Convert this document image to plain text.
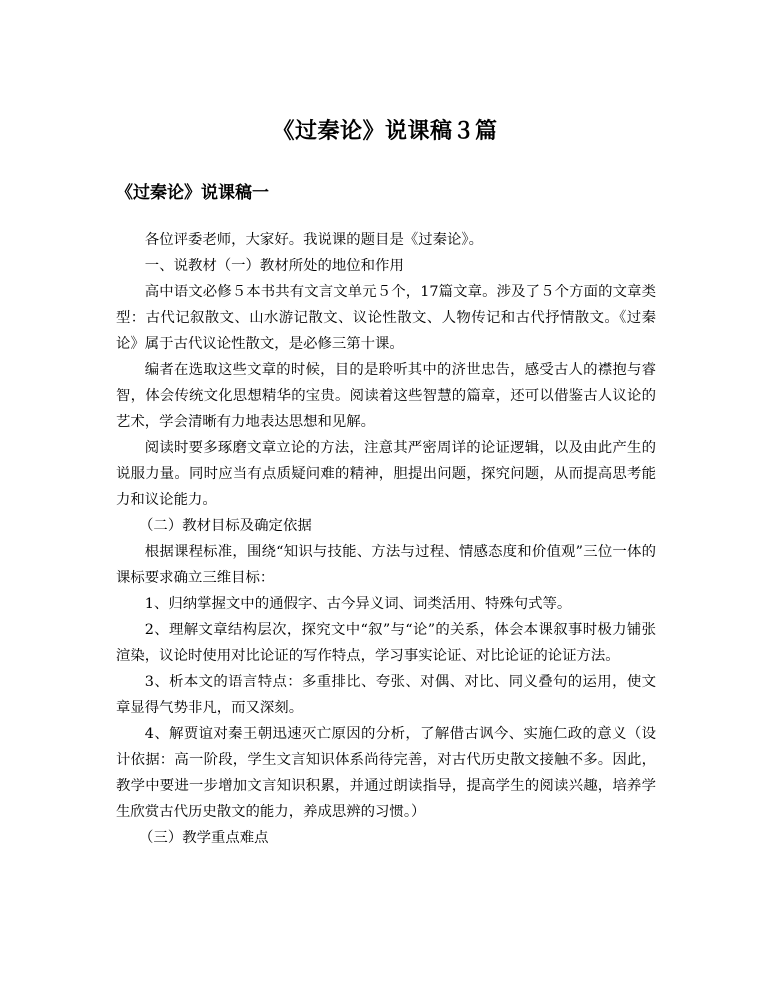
《过秦论》说课稿３篇
《过秦论》说课稿一

各位评委老师，大家好。我说课的题目是《过秦论》。

一、说教材（一）教材所处的地位和作用

高中语文必修５本书共有文言文单元５个，17篇文章。涉及了５个方面的文章类型：古代记叙散文、山水游记散文、议论性散文、人物传记和古代抒情散文。《过秦论》属于古代议论性散文，是必修三第十课。

编者在选取这些文章的时候，目的是聆听其中的济世忠告，感受古人的襟抱与睿智，体会传统文化思想精华的宝贵。阅读着这些智慧的篇章，还可以借鉴古人议论的艺术，学会清晰有力地表达思想和见解。

阅读时要多琢磨文章立论的方法，注意其严密周详的论证逻辑，以及由此产生的说服力量。同时应当有点质疑问难的精神，胆提出问题，探究问题，从而提高思考能力和议论能力。

（二）教材目标及确定依据

根据课程标准，围绕“知识与技能、方法与过程、情感态度和价值观”三位一体的课标要求确立三维目标：

1、归纳掌握文中的通假字、古今异义词、词类活用、特殊句式等。

2、理解文章结构层次，探究文中“叙”与“论”的关系，体会本课叙事时极力铺张渲染，议论时使用对比论证的写作特点，学习事实论证、对比论证的论证方法。

3、析本文的语言特点：多重排比、夸张、对偶、对比、同义叠句的运用，使文章显得气势非凡，而又深刻。

4、解贾谊对秦王朝迅速灭亡原因的分析，了解借古讽今、实施仁政的意义（设计依据：高一阶段，学生文言知识体系尚待完善，对古代历史散文接触不多。因此，教学中要进一步增加文言知识积累，并通过朗读指导，提高学生的阅读兴趣，培养学生欣赏古代历史散文的能力，养成思辨的习惯。）

（三）教学重点难点
